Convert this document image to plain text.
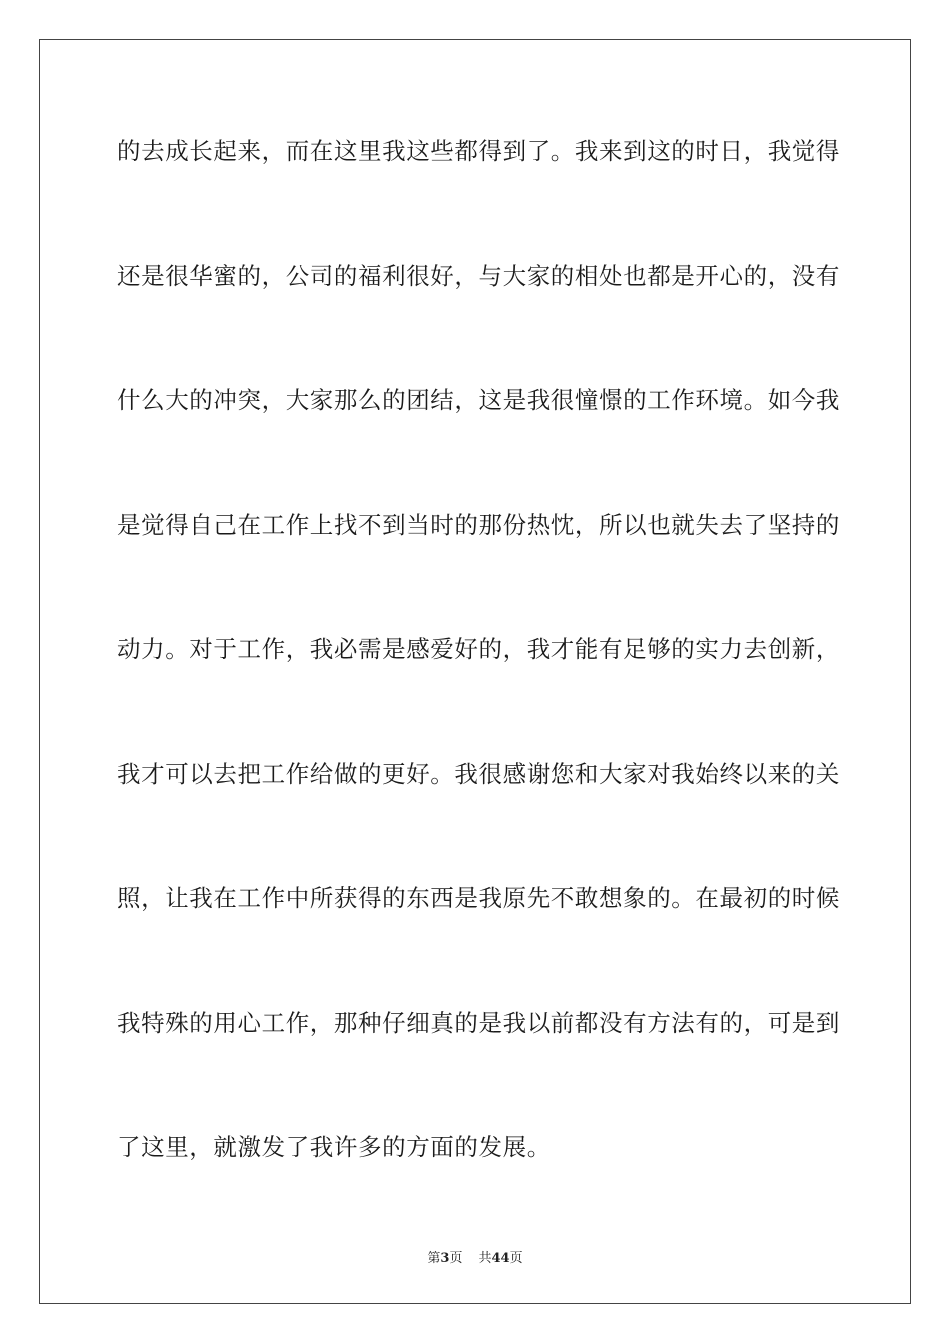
的去成长起来，而在这里我这些都得到了。我来到这的时日，我觉得
还是很华蜜的，公司的福利很好，与大家的相处也都是开心的，没有
什么大的冲突，大家那么的团结，这是我很憧憬的工作环境。如今我
是觉得自己在工作上找不到当时的那份热忱，所以也就失去了坚持的
动力。对于工作，我必需是感爱好的，我才能有足够的实力去创新，
我才可以去把工作给做的更好。我很感谢您和大家对我始终以来的关
照，让我在工作中所获得的东西是我原先不敢想象的。在最初的时候
我特殊的用心工作，那种仔细真的是我以前都没有方法有的，可是到
了这里，就激发了我许多的方面的发展。
第3页 共44页
